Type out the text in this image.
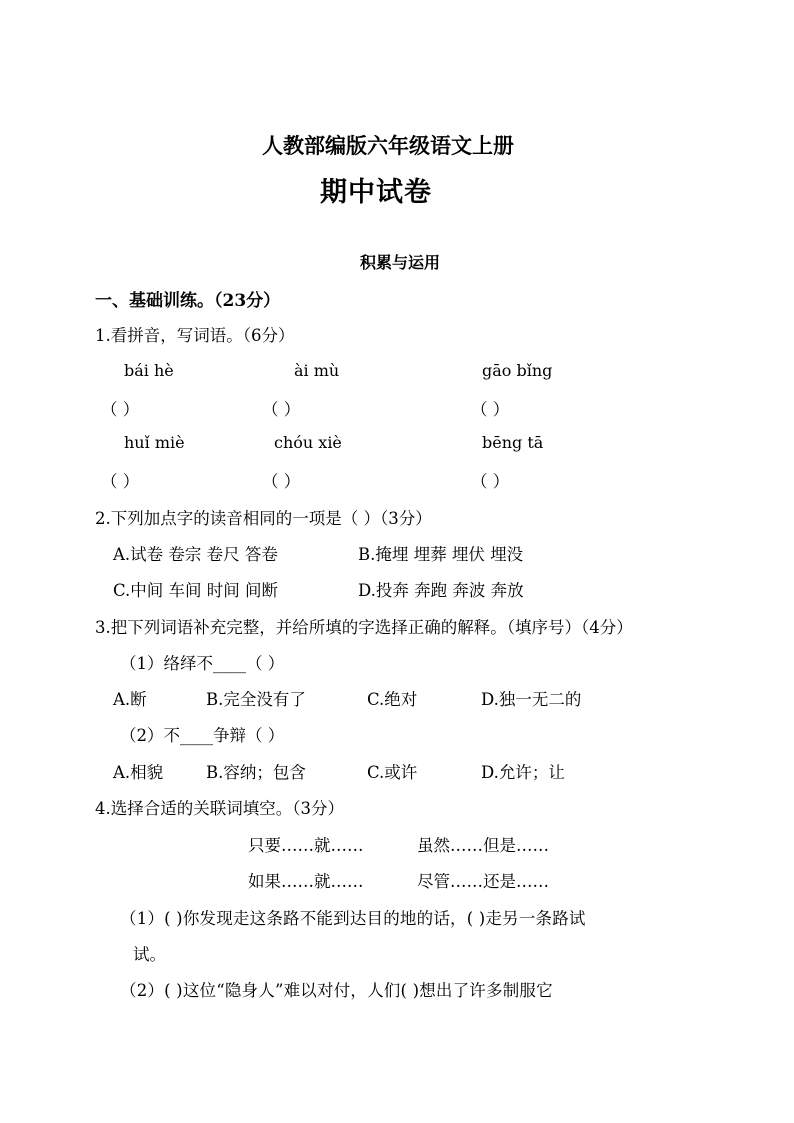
人教部编版六年级语文上册
期中试卷
积累与运用
一、基础训练。（23分）
1.看拼音，写词语。（6分）
bái hè	ài mù	gāo bǐng
（ ）	（ ）	（ ）
huǐ miè	chóu xiè	bēng tā
（ ）	（ ）	（ ）
2.下列加点字的读音相同的一项是（ ）（3分）
A.试卷 卷宗 卷尺 答卷	B.掩埋 埋葬 埋伏 埋没
C.中间 车间 时间 间断	D.投奔 奔跑 奔波 奔放
3.把下列词语补充完整，并给所填的字选择正确的解释。（填序号）（4分）
（1）络绎不____（ ）
A.断	B.完全没有了	C.绝对	D.独一无二的
（2）不____争辩（ ）
A.相貌	B.容纳；包含	C.或许	D.允许；让
4.选择合适的关联词填空。（3分）
只要……就……	虽然……但是……
如果……就……	尽管……还是……
（1）( )你发现走这条路不能到达目的地的话，( )走另一条路试
试。
（2）( )这位“隐身人”难以对付，人们( )想出了许多制服它
